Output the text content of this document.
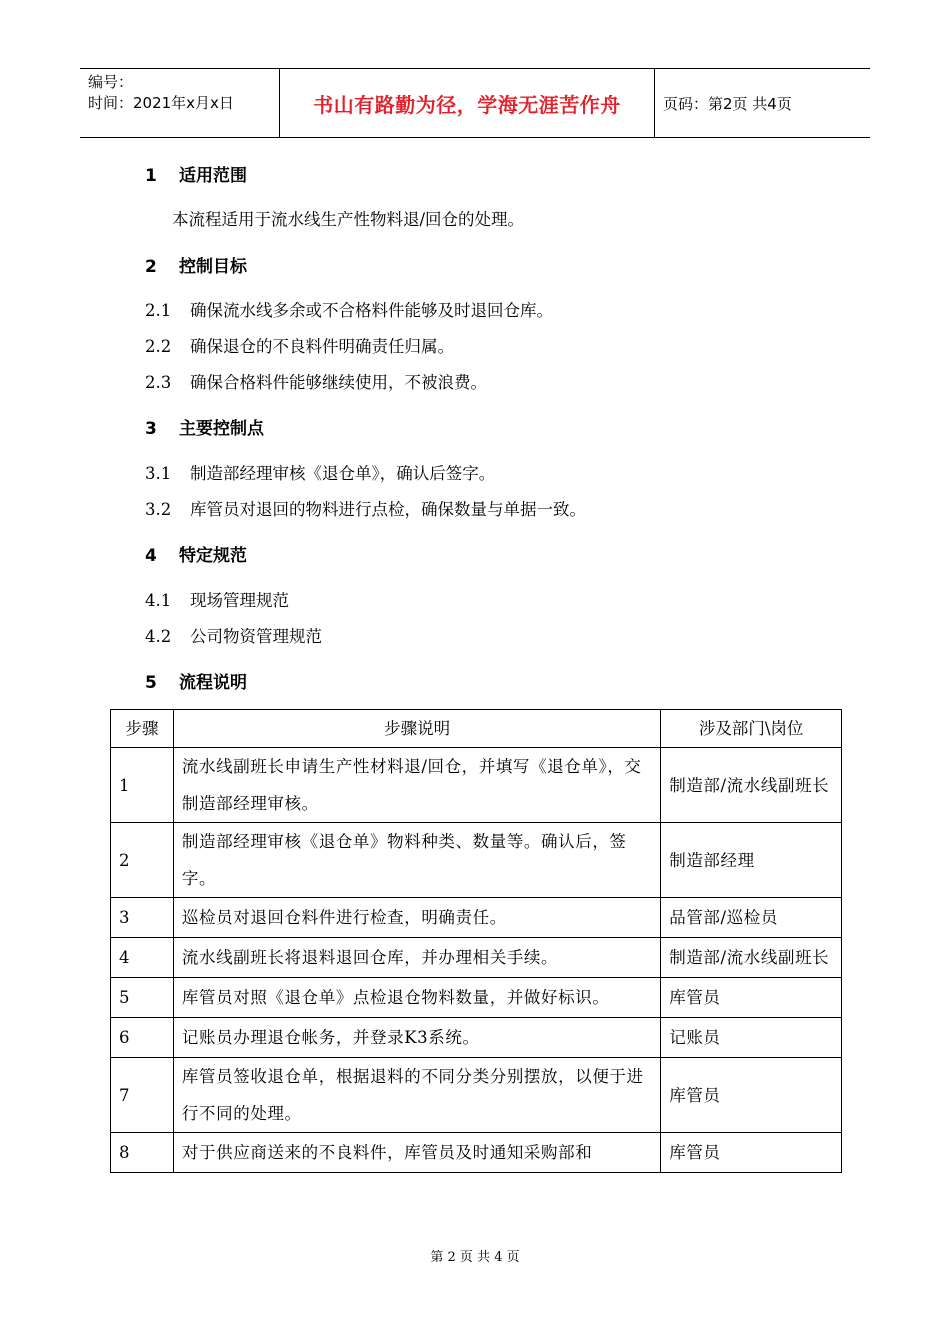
编号：
时间：2021年x月x日	书山有路勤为径，学海无涯苦作舟	页码：第2页 共4页
1 适用范围
本流程适用于流水线生产性物料退/回仓的处理。
2 控制目标
2.1 确保流水线多余或不合格料件能够及时退回仓库。
2.2 确保退仓的不良料件明确责任归属。
2.3 确保合格料件能够继续使用，不被浪费。
3 主要控制点
3.1 制造部经理审核《退仓单》，确认后签字。
3.2 库管员对退回的物料进行点检，确保数量与单据一致。
4 特定规范
4.1 现场管理规范
4.2 公司物资管理规范
5 流程说明
步骤	步骤说明	涉及部门\岗位
1	流水线副班长申请生产性材料退/回仓，并填写《退仓单》，交制造部经理审核。	制造部/流水线副班长
2	制造部经理审核《退仓单》物料种类、数量等。确认后，签字。	制造部经理
3	巡检员对退回仓料件进行检查，明确责任。	品管部/巡检员
4	流水线副班长将退料退回仓库，并办理相关手续。	制造部/流水线副班长
5	库管员对照《退仓单》点检退仓物料数量，并做好标识。	库管员
6	记账员办理退仓帐务，并登录K3系统。	记账员
7	库管员签收退仓单，根据退料的不同分类分别摆放，以便于进行不同的处理。	库管员
8	对于供应商送来的不良料件，库管员及时通知采购部和	库管员
第 2 页 共 4 页
